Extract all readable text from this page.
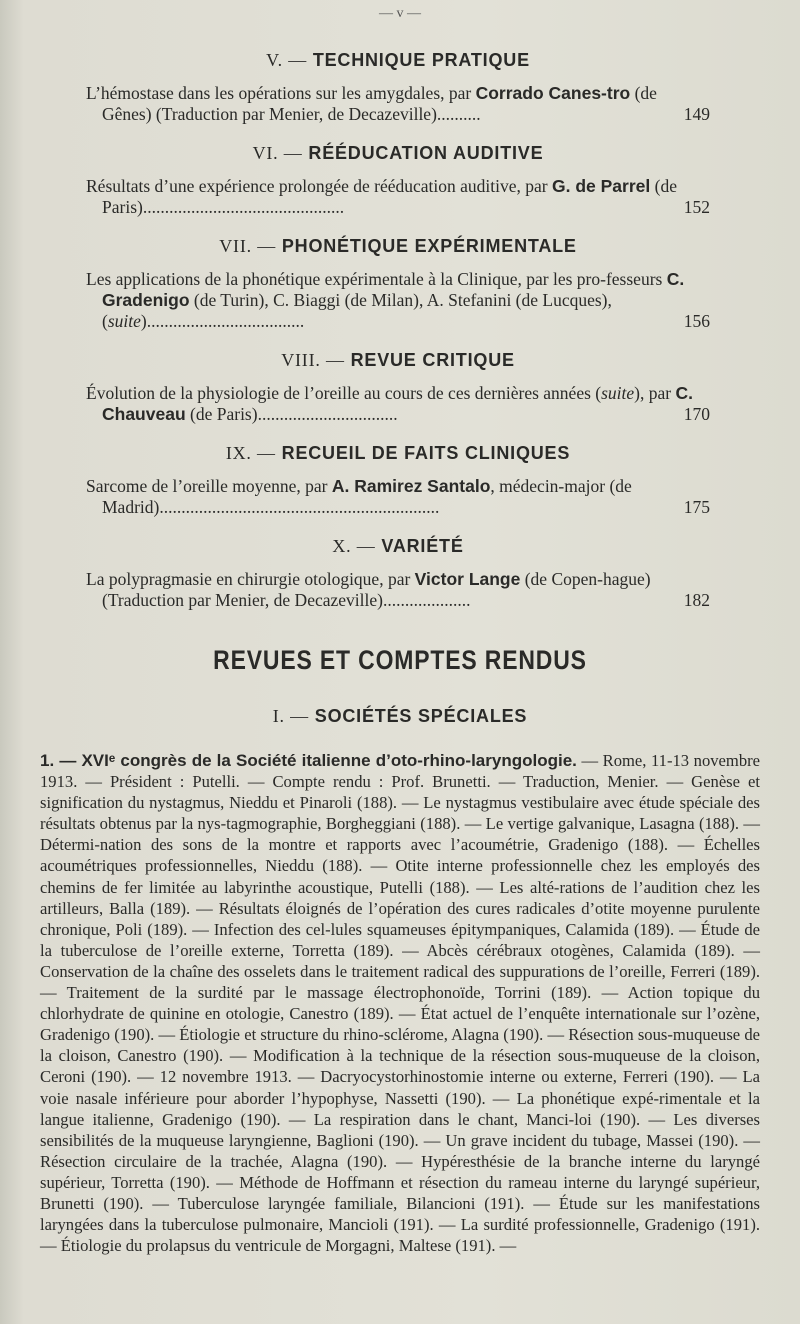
— v —
V. — TECHNIQUE PRATIQUE
L’hémostase dans les opérations sur les amygdales, par Corrado Canes-tro (de Gênes) (Traduction par Menier, de Decazeville)..........	149
VI. — RÉÉDUCATION AUDITIVE
Résultats d’une expérience prolongée de rééducation auditive, par G. de Parrel (de Paris)..............................................	152
VII. — PHONÉTIQUE EXPÉRIMENTALE
Les applications de la phonétique expérimentale à la Clinique, par les pro-fesseurs C. Gradenigo (de Turin), C. Biaggi (de Milan), A. Stefanini (de Lucques), (suite)....................................	156
VIII. — REVUE CRITIQUE
Évolution de la physiologie de l’oreille au cours de ces dernières années (suite), par C. Chauveau (de Paris)................................	170
IX. — RECUEIL DE FAITS CLINIQUES
Sarcome de l’oreille moyenne, par A. Ramirez Santalo, médecin-major (de Madrid)................................................................	175
X. — VARIÉTÉ
La polypragmasie en chirurgie otologique, par Victor Lange (de Copen-hague) (Traduction par Menier, de Decazeville)....................	182
REVUES ET COMPTES RENDUS
I. — SOCIÉTÉS SPÉCIALES
1. — XVIᵉ congrès de la Société italienne d’oto-rhino-laryngologie. — Rome, 11-13 novembre 1913. — Président : Putelli. — Compte rendu : Prof. Brunetti. — Traduction, Menier. — Genèse et signification du nystagmus, Nieddu et Pinaroli (188). — Le nystagmus vestibulaire avec étude spéciale des résultats obtenus par la nys-tagmographie, Borgheggiani (188). — Le vertige galvanique, Lasagna (188). — Détermi-nation des sons de la montre et rapports avec l’acoumétrie, Gradenigo (188). — Échelles acoumétriques professionnelles, Nieddu (188). — Otite interne professionnelle chez les employés des chemins de fer limitée au labyrinthe acoustique, Putelli (188). — Les alté-rations de l’audition chez les artilleurs, Balla (189). — Résultats éloignés de l’opération des cures radicales d’otite moyenne purulente chronique, Poli (189). — Infection des cel-lules squameuses épitympaniques, Calamida (189). — Étude de la tuberculose de l’oreille externe, Torretta (189). — Abcès cérébraux otogènes, Calamida (189). — Conservation de la chaîne des osselets dans le traitement radical des suppurations de l’oreille, Ferreri (189). — Traitement de la surdité par le massage électrophonoïde, Torrini (189). — Action topique du chlorhydrate de quinine en otologie, Canestro (189). — État actuel de l’enquête internationale sur l’ozène, Gradenigo (190). — Étiologie et structure du rhino-sclérome, Alagna (190). — Résection sous-muqueuse de la cloison, Canestro (190). — Modification à la technique de la résection sous-muqueuse de la cloison, Ceroni (190). — 12 novembre 1913. — Dacryocystorhinostomie interne ou externe, Ferreri (190). — La voie nasale inférieure pour aborder l’hypophyse, Nassetti (190). — La phonétique expé-rimentale et la langue italienne, Gradenigo (190). — La respiration dans le chant, Manci-loi (190). — Les diverses sensibilités de la muqueuse laryngienne, Baglioni (190). — Un grave incident du tubage, Massei (190). — Résection circulaire de la trachée, Alagna (190). — Hypéresthésie de la branche interne du laryngé supérieur, Torretta (190). — Méthode de Hoffmann et résection du rameau interne du laryngé supérieur, Brunetti (190). — Tuberculose laryngée familiale, Bilancioni (191). — Étude sur les manifestations laryngées dans la tuberculose pulmonaire, Mancioli (191). — La surdité professionnelle, Gradenigo (191). — Étiologie du prolapsus du ventricule de Morgagni, Maltese (191). —
